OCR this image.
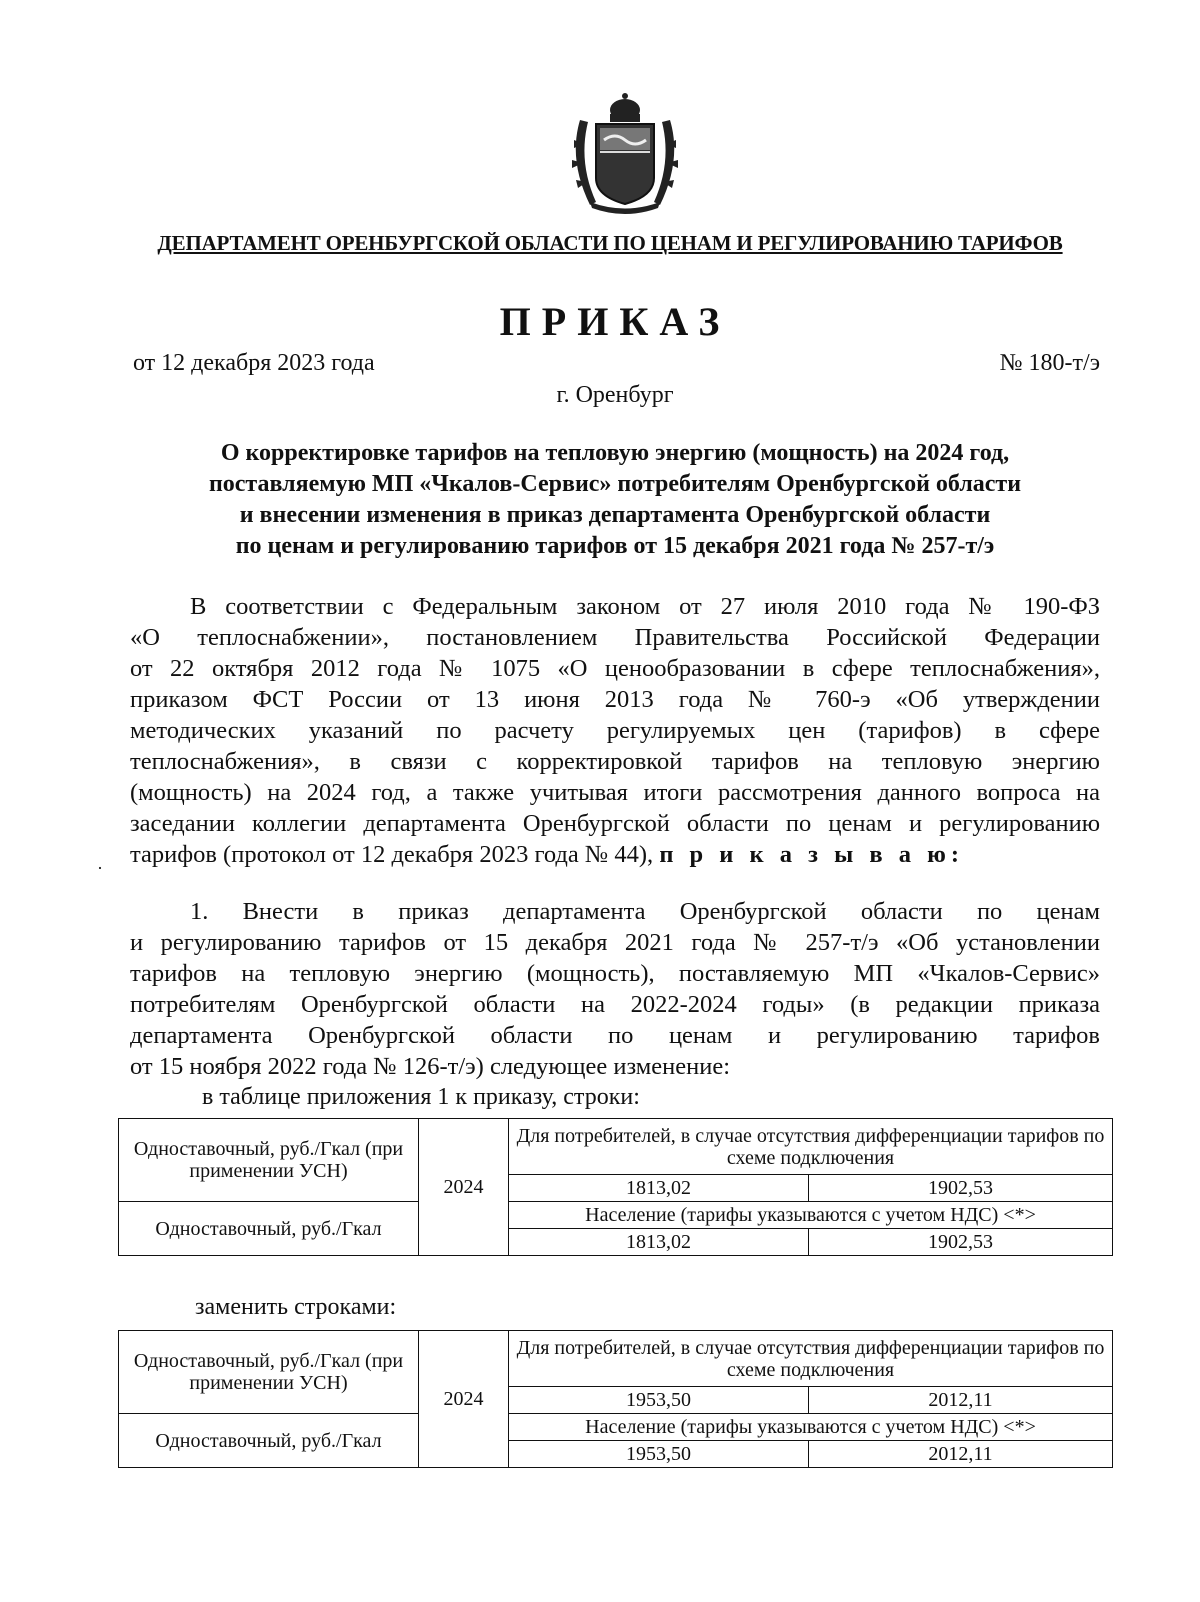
ДЕПАРТАМЕНТ ОРЕНБУРГСКОЙ ОБЛАСТИ ПО ЦЕНАМ И РЕГУЛИРОВАНИЮ ТАРИФОВ
ПРИКАЗ
от 12 декабря 2023 года	№ 180-т/э
г. Оренбург
О корректировке тарифов на тепловую энергию (мощность) на 2024 год,
поставляемую МП «Чкалов-Сервис» потребителям Оренбургской области
и внесении изменения в приказ департамента Оренбургской области
по ценам и регулированию тарифов от 15 декабря 2021 года № 257-т/э
В соответствии с Федеральным законом от 27 июля 2010 года № 190-ФЗ
«О теплоснабжении», постановлением Правительства Российской Федерации
от 22 октября 2012 года № 1075 «О ценообразовании в сфере теплоснабжения»,
приказом ФСТ России от 13 июня 2013 года № 760-э «Об утверждении
методических указаний по расчету регулируемых цен (тарифов) в сфере
теплоснабжения», в связи с корректировкой тарифов на тепловую энергию
(мощность) на 2024 год, а также учитывая итоги рассмотрения данного вопроса на
заседании коллегии департамента Оренбургской области по ценам и регулированию
тарифов (протокол от 12 декабря 2023 года № 44), п р и к а з ы в а ю:
·
1. Внести в приказ департамента Оренбургской области по ценам
и регулированию тарифов от 15 декабря 2021 года № 257-т/э «Об установлении
тарифов на тепловую энергию (мощность), поставляемую МП «Чкалов-Сервис»
потребителям Оренбургской области на 2022-2024 годы» (в редакции приказа
департамента Оренбургской области по ценам и регулированию тарифов
от 15 ноября 2022 года № 126-т/э) следующее изменение:
в таблице приложения 1 к приказу, строки:
Одноставочный, руб./Гкал (при применении УСН)	2024	Для потребителей, в случае отсутствия дифференциации тарифов по схеме подключения	
		1813,02	1902,53
Одноставочный, руб./Гкал		Население (тарифы указываются с учетом НДС) <*>	
		1813,02	1902,53
заменить строками:
Одноставочный, руб./Гкал (при применении УСН)	2024	Для потребителей, в случае отсутствия дифференциации тарифов по схеме подключения	
		1953,50	2012,11
Одноставочный, руб./Гкал		Население (тарифы указываются с учетом НДС) <*>	
		1953,50	2012,11
